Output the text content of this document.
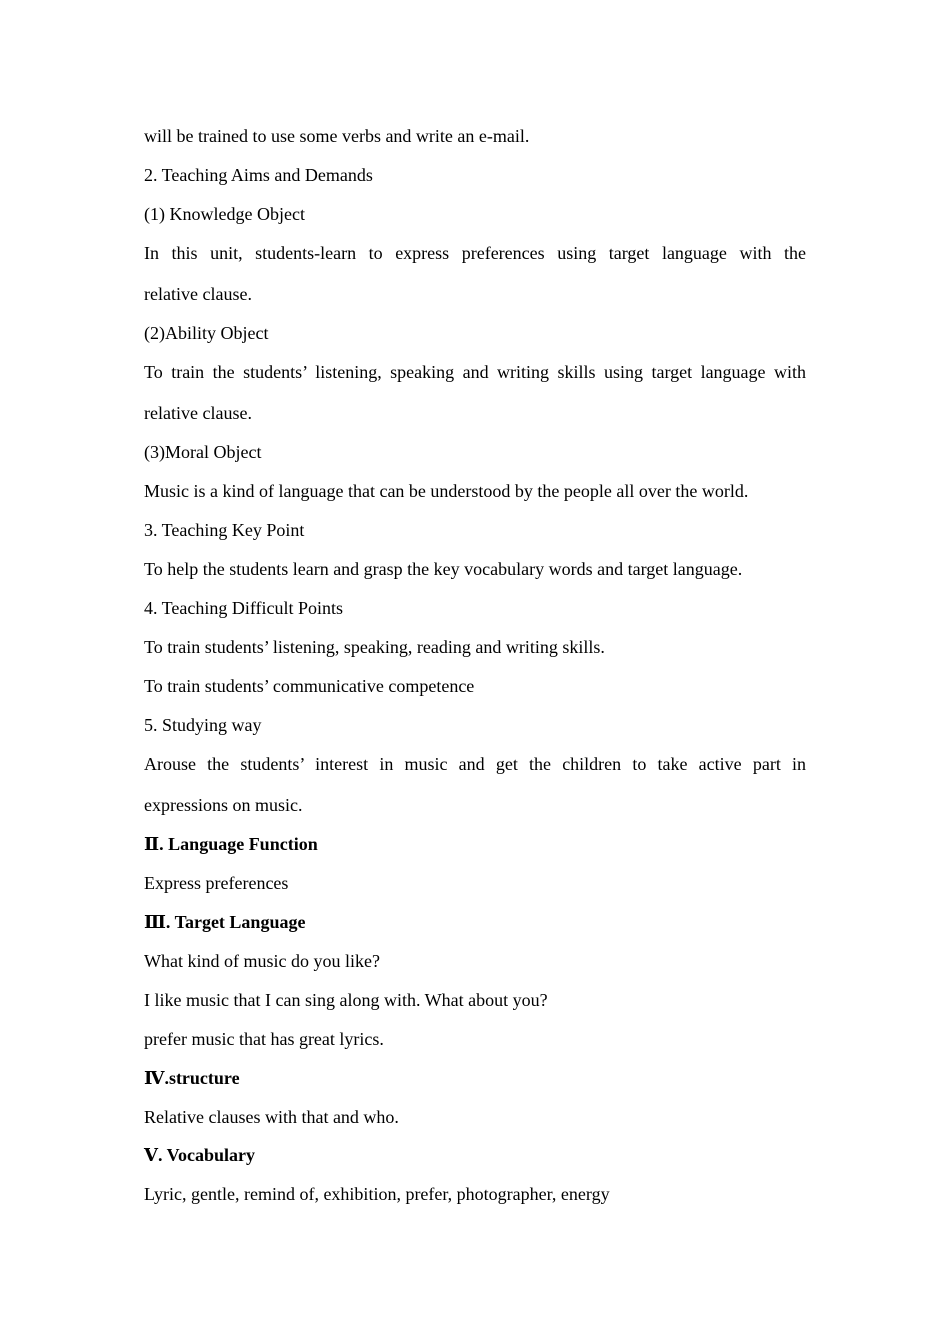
will be trained to use some verbs and write an e-mail.
2. Teaching Aims and Demands
(1) Knowledge Object
In this unit, students-learn to express preferences using target language with the
relative clause.
(2)Ability Object
To train the students’ listening, speaking and writing skills using target language with
relative clause.
(3)Moral Object
Music is a kind of language that can be understood by the people all over the world.
3. Teaching Key Point
To help the students learn and grasp the key vocabulary words and target language.
4. Teaching Difficult Points
To train students’ listening, speaking, reading and writing skills.
To train students’ communicative competence
5. Studying way
Arouse the students’ interest in music and get the children to take active part in
expressions on music.
Ⅱ. Language Function
Express preferences
Ⅲ. Target Language
What kind of music do you like?
I like music that I can sing along with. What about you?
prefer music that has great lyrics.
Ⅳ.structure
Relative clauses with that and who.
Ⅴ. Vocabulary
Lyric, gentle, remind of, exhibition, prefer, photographer, energy
